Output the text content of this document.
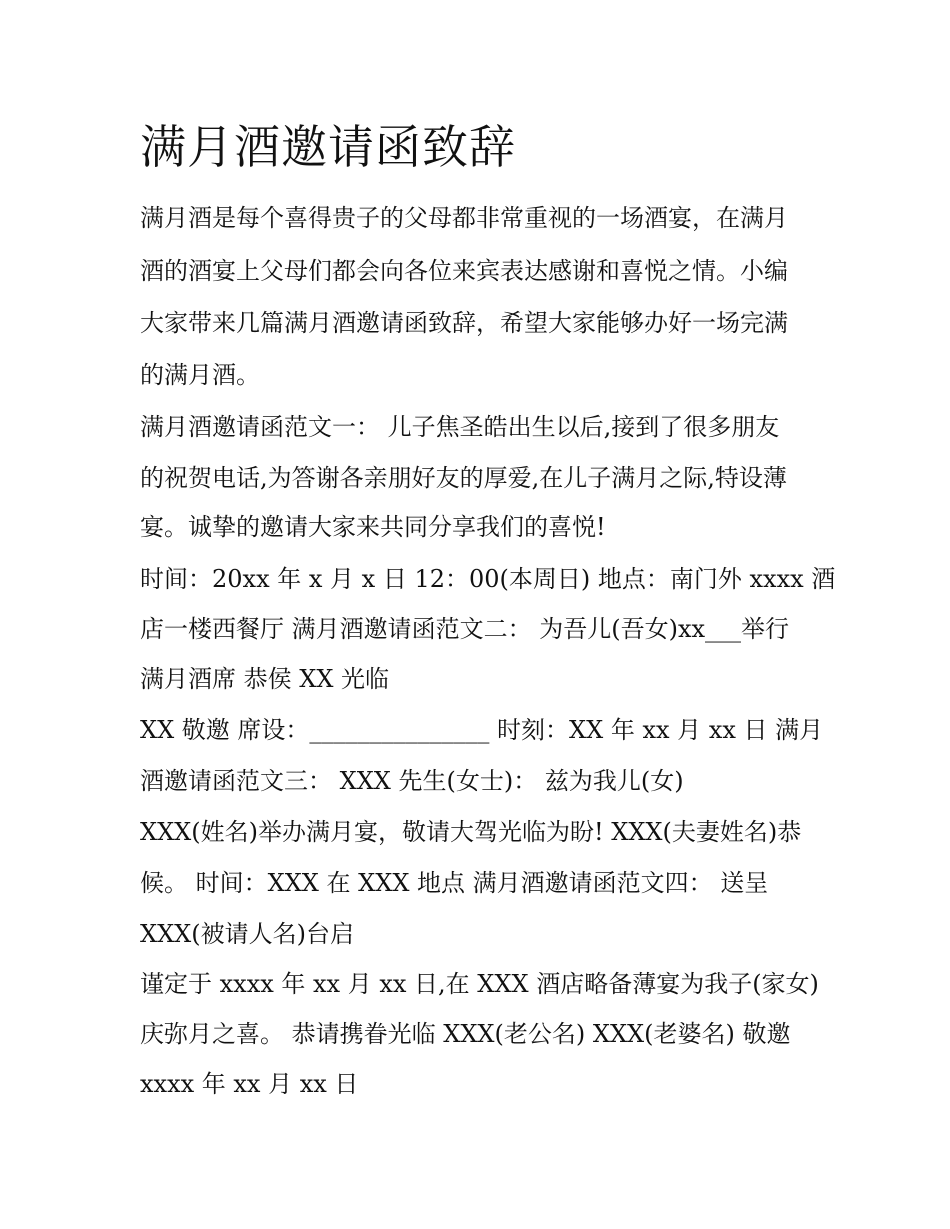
满月酒邀请函致辞
满月酒是每个喜得贵子的父母都非常重视的一场酒宴，在满月
酒的酒宴上父母们都会向各位来宾表达感谢和喜悦之情。小编
大家带来几篇满月酒邀请函致辞，希望大家能够办好一场完满
的满月酒。
满月酒邀请函范文一： 儿子焦圣皓出生以后,接到了很多朋友
的祝贺电话,为答谢各亲朋好友的厚爱,在儿子满月之际,特设薄
宴。诚挚的邀请大家来共同分享我们的喜悦!
时间：20xx 年 x 月 x 日 12：00(本周日) 地点：南门外 xxxx 酒
店一楼西餐厅 满月酒邀请函范文二： 为吾儿(吾女)xx___举行
满月酒席 恭侯 XX 光临
XX 敬邀 席设：_______________ 时刻：XX 年 xx 月 xx 日 满月
酒邀请函范文三： XXX 先生(女士)： 兹为我儿(女)
XXX(姓名)举办满月宴，敬请大驾光临为盼! XXX(夫妻姓名)恭
候。 时间：XXX 在 XXX 地点 满月酒邀请函范文四： 送呈
XXX(被请人名)台启
谨定于 xxxx 年 xx 月 xx 日,在 XXX 酒店略备薄宴为我子(家女)
庆弥月之喜。 恭请携眷光临 XXX(老公名) XXX(老婆名) 敬邀
xxxx 年 xx 月 xx 日
